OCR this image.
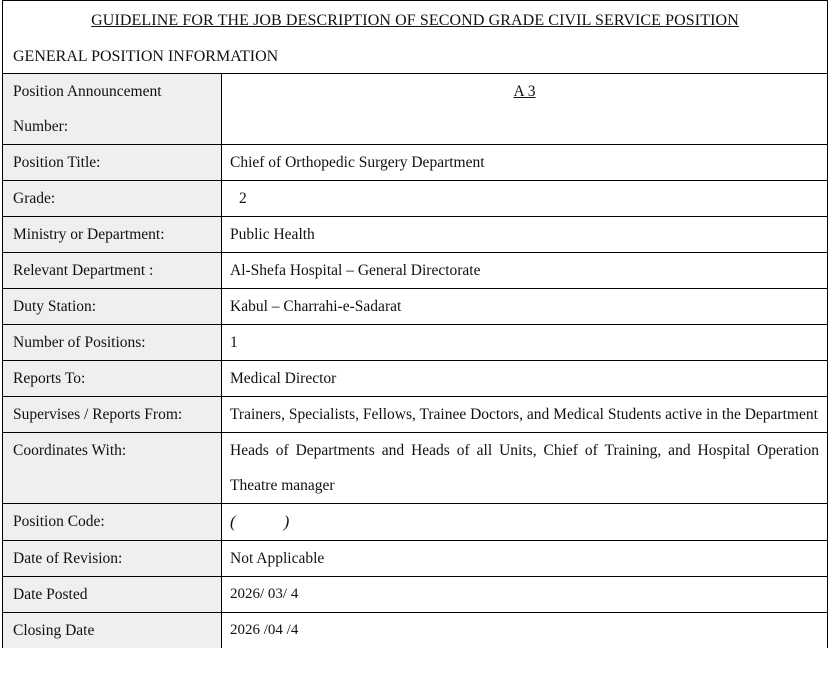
GUIDELINE FOR THE JOB DESCRIPTION OF SECOND GRADE CIVIL SERVICE POSITION
GENERAL POSITION INFORMATION
Position Announcement
Number:	A 3
Position Title:	Chief of Orthopedic Surgery Department
Grade:	2
Ministry or Department:	Public Health
Relevant Department :	Al-Shefa Hospital – General Directorate
Duty Station:	Kabul – Charrahi-e-Sadarat
Number of Positions:	1
Reports To:	Medical Director
Supervises / Reports From:	Trainers, Specialists, Fellows, Trainee Doctors, and Medical Students active in the Department
Coordinates With:	Heads of Departments and Heads of all Units, Chief of Training, and Hospital Operation Theatre manager
Position Code:	( )
Date of Revision:	Not Applicable
Date Posted	2026/ 03/ 4
Closing Date	2026 /04 /4
